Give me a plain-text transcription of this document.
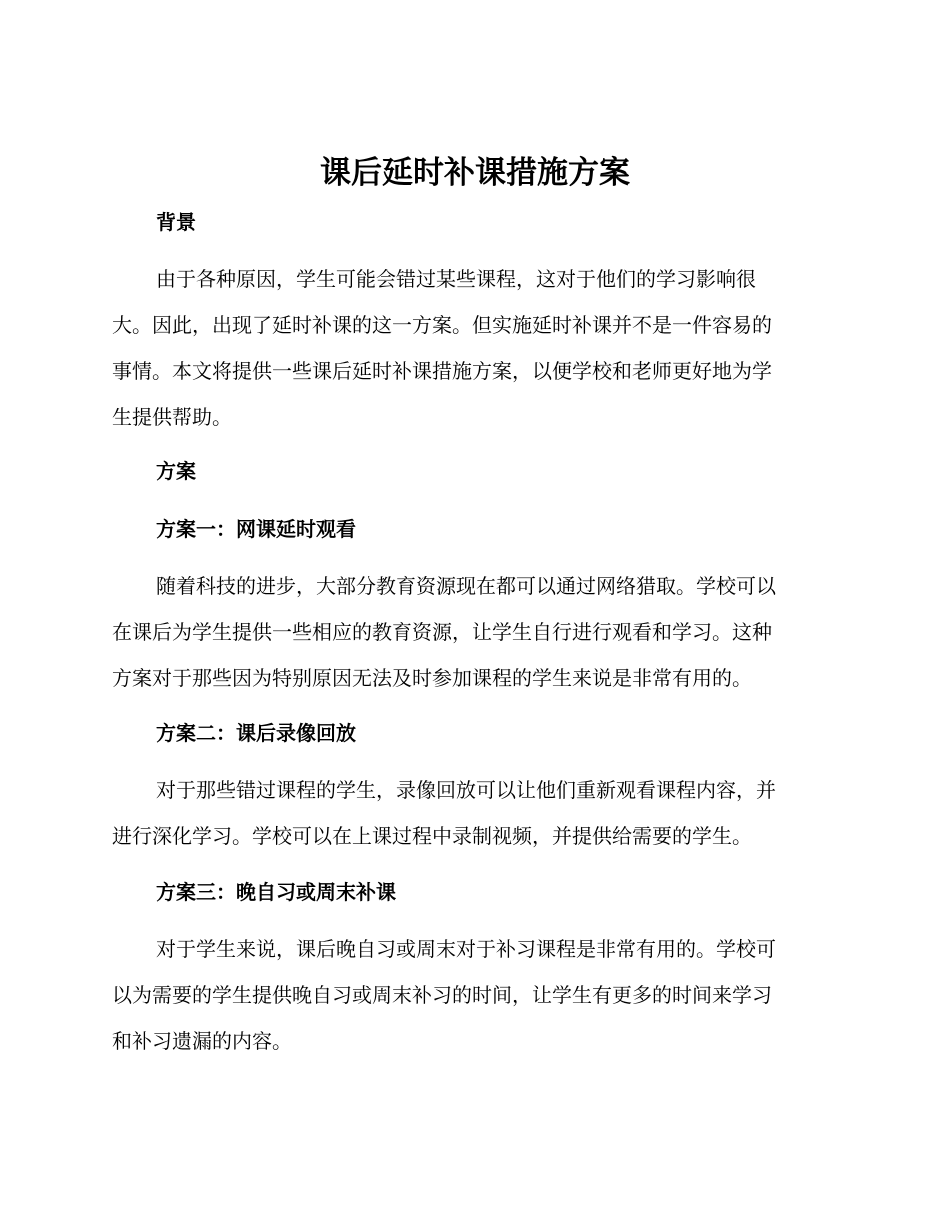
课后延时补课措施方案
背景
由于各种原因，学生可能会错过某些课程，这对于他们的学习影响很
大。因此，出现了延时补课的这一方案。但实施延时补课并不是一件容易的
事情。本文将提供一些课后延时补课措施方案，以便学校和老师更好地为学
生提供帮助。
方案
方案一：网课延时观看
随着科技的进步，大部分教育资源现在都可以通过网络猎取。学校可以
在课后为学生提供一些相应的教育资源，让学生自行进行观看和学习。这种
方案对于那些因为特别原因无法及时参加课程的学生来说是非常有用的。
方案二：课后录像回放
对于那些错过课程的学生，录像回放可以让他们重新观看课程内容，并
进行深化学习。学校可以在上课过程中录制视频，并提供给需要的学生。
方案三：晚自习或周末补课
对于学生来说，课后晚自习或周末对于补习课程是非常有用的。学校可
以为需要的学生提供晚自习或周末补习的时间，让学生有更多的时间来学习
和补习遗漏的内容。
